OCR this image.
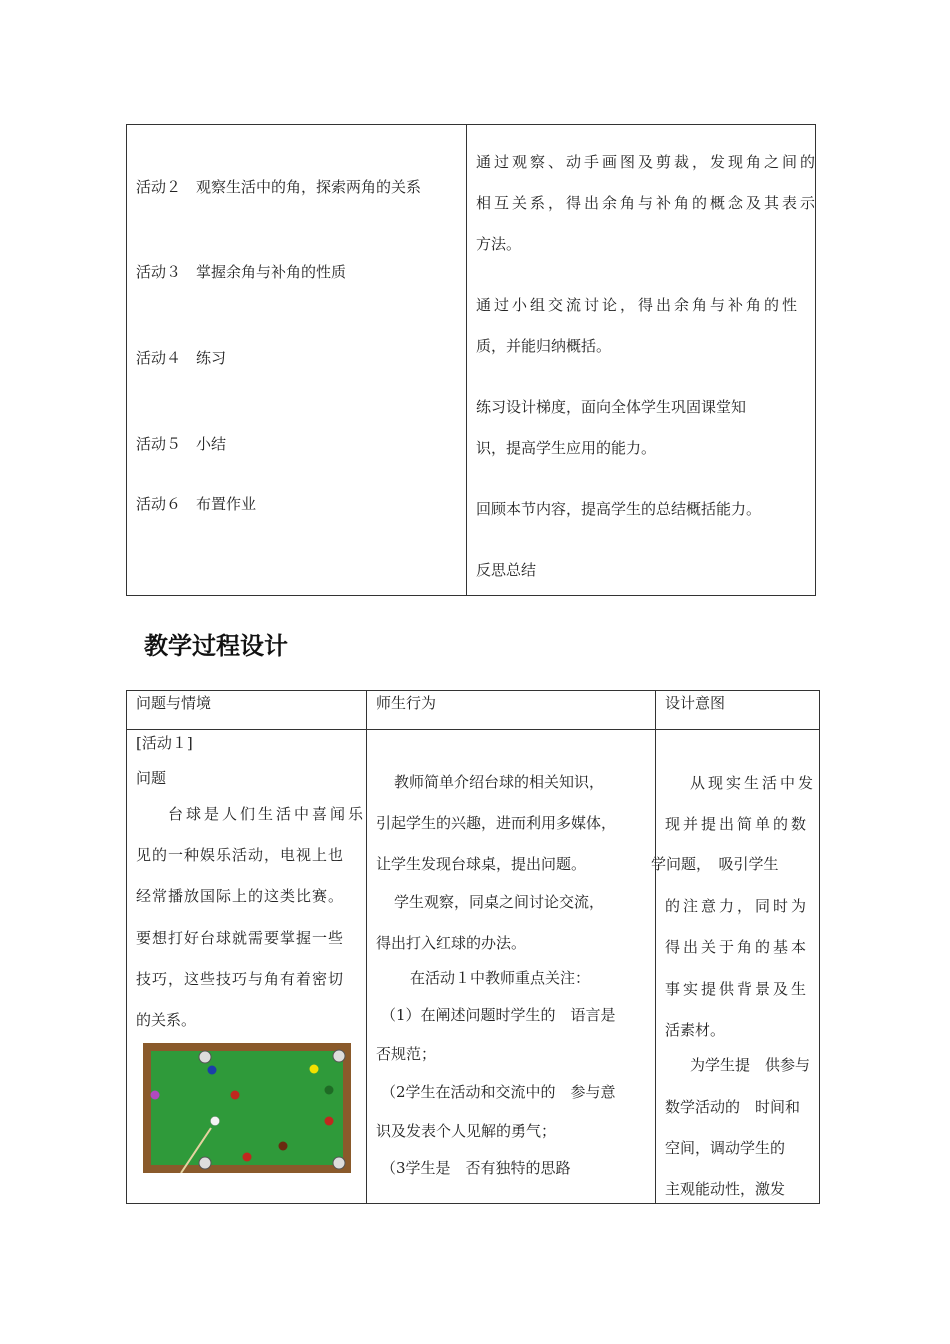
活动２　观察生活中的角，探索两角的关系
活动３　掌握余角与补角的性质
活动４　练习
活动５　小结
活动６　布置作业
通过观察、动手画图及剪裁，发现角之间的
相互关系，得出余角与补角的概念及其表示
方法。
通过小组交流讨论，得出余角与补角的性
质，并能归纳概括。
练习设计梯度，面向全体学生巩固课堂知
识，提高学生应用的能力。
回顾本节内容，提高学生的总结概括能力。
反思总结
教学过程设计
问题与情境	师生行为	设计意图
[活动１]
问题
台球是人们生活中喜闻乐
见的一种娱乐活动，电视上也
经常播放国际上的这类比赛。
要想打好台球就需要掌握一些
技巧，这些技巧与角有着密切
的关系。
教师简单介绍台球的相关知识，
引起学生的兴趣，进而利用多媒体，
让学生发现台球桌，提出问题。
学生观察，同桌之间讨论交流，
得出打入红球的办法。
在活动１中教师重点关注：
（1）在阐述问题时学生的　语言是
否规范；
（2学生在活动和交流中的　参与意
识及发表个人见解的勇气；
（3学生是　否有独特的思路
从现实生活中发
现并提出简单的数
学问题，　吸引学生
的注意力，同时为
得出关于角的基本
事实提供背景及生
活素材。
为学生提　供参与
数学活动的　时间和
空间，调动学生的
主观能动性，激发
